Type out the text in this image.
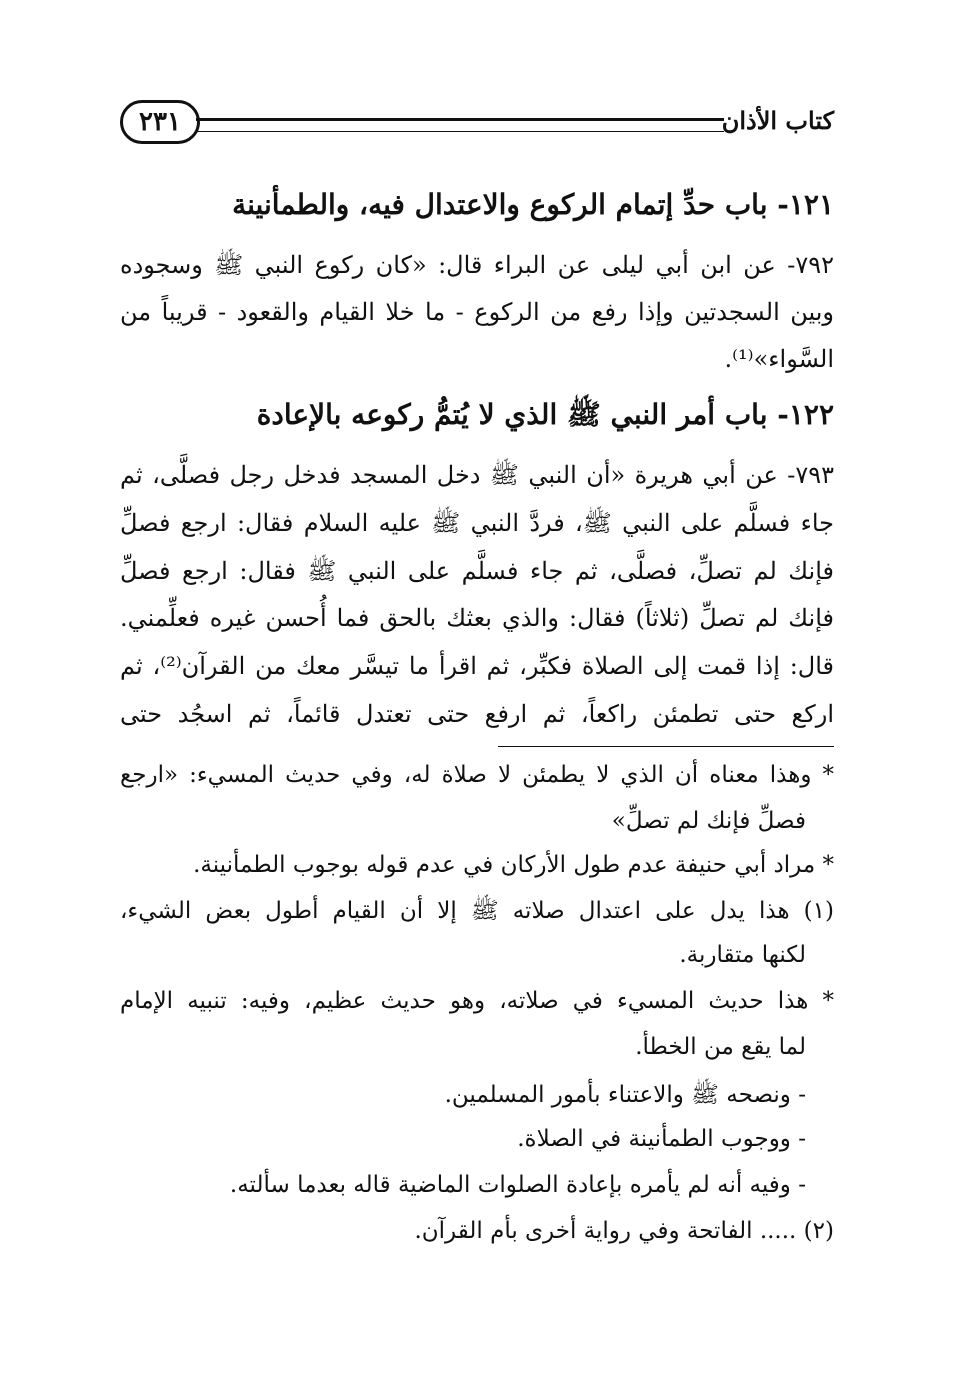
كتاب الأذان
٢٣١
١٢١- باب حدِّ إتمام الركوع والاعتدال فيه، والطمأنينة
٧٩٢- عن ابن أبي ليلى عن البراء قال: «كان ركوع النبي ﷺ وسجوده
وبين السجدتين وإذا رفع من الركوع - ما خلا القيام والقعود - قريباً من
السَّواء»⁽¹⁾.
١٢٢- باب أمر النبي ﷺ الذي لا يُتمُّ ركوعه بالإعادة
٧٩٣- عن أبي هريرة «أن النبي ﷺ دخل المسجد فدخل رجل فصلَّى، ثم
جاء فسلَّم على النبي ﷺ، فردَّ النبي ﷺ عليه السلام فقال: ارجع فصلِّ
فإنك لم تصلِّ، فصلَّى، ثم جاء فسلَّم على النبي ﷺ فقال: ارجع فصلِّ
فإنك لم تصلِّ (ثلاثاً) فقال: والذي بعثك بالحق فما أُحسن غيره فعلِّمني.
قال: إذا قمت إلى الصلاة فكبِّر، ثم اقرأ ما تيسَّر معك من القرآن⁽²⁾، ثم
اركع حتى تطمئن راكعاً، ثم ارفع حتى تعتدل قائماً، ثم اسجُد حتى
* وهذا معناه أن الذي لا يطمئن لا صلاة له، وفي حديث المسيء: «ارجع
فصلِّ فإنك لم تصلِّ»
* مراد أبي حنيفة عدم طول الأركان في عدم قوله بوجوب الطمأنينة.
(١) هذا يدل على اعتدال صلاته ﷺ إلا أن القيام أطول بعض الشيء،
لكنها متقاربة.
* هذا حديث المسيء في صلاته، وهو حديث عظيم، وفيه: تنبيه الإمام
لما يقع من الخطأ.
- ونصحه ﷺ والاعتناء بأمور المسلمين.
- ووجوب الطمأنينة في الصلاة.
- وفيه أنه لم يأمره بإعادة الصلوات الماضية قاله بعدما سألته.
(٢) ..... الفاتحة وفي رواية أخرى بأم القرآن.
